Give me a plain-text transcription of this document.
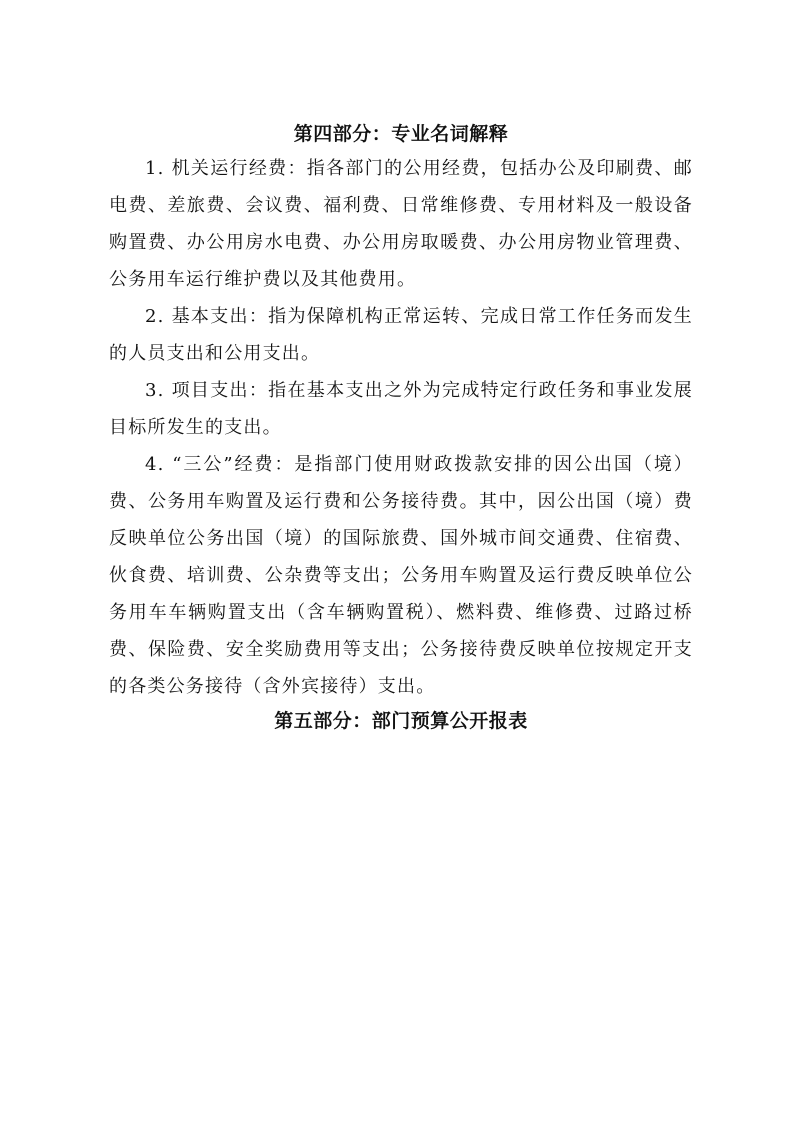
第四部分：专业名词解释

1. 机关运行经费：指各部门的公用经费，包括办公及印刷费、邮电费、差旅费、会议费、福利费、日常维修费、专用材料及一般设备购置费、办公用房水电费、办公用房取暖费、办公用房物业管理费、公务用车运行维护费以及其他费用。

2. 基本支出：指为保障机构正常运转、完成日常工作任务而发生的人员支出和公用支出。

3. 项目支出：指在基本支出之外为完成特定行政任务和事业发展目标所发生的支出。

4. “三公”经费：是指部门使用财政拨款安排的因公出国（境）费、公务用车购置及运行费和公务接待费。其中，因公出国（境）费反映单位公务出国（境）的国际旅费、国外城市间交通费、住宿费、伙食费、培训费、公杂费等支出；公务用车购置及运行费反映单位公务用车车辆购置支出（含车辆购置税）、燃料费、维修费、过路过桥费、保险费、安全奖励费用等支出；公务接待费反映单位按规定开支的各类公务接待（含外宾接待）支出。

第五部分：部门预算公开报表
